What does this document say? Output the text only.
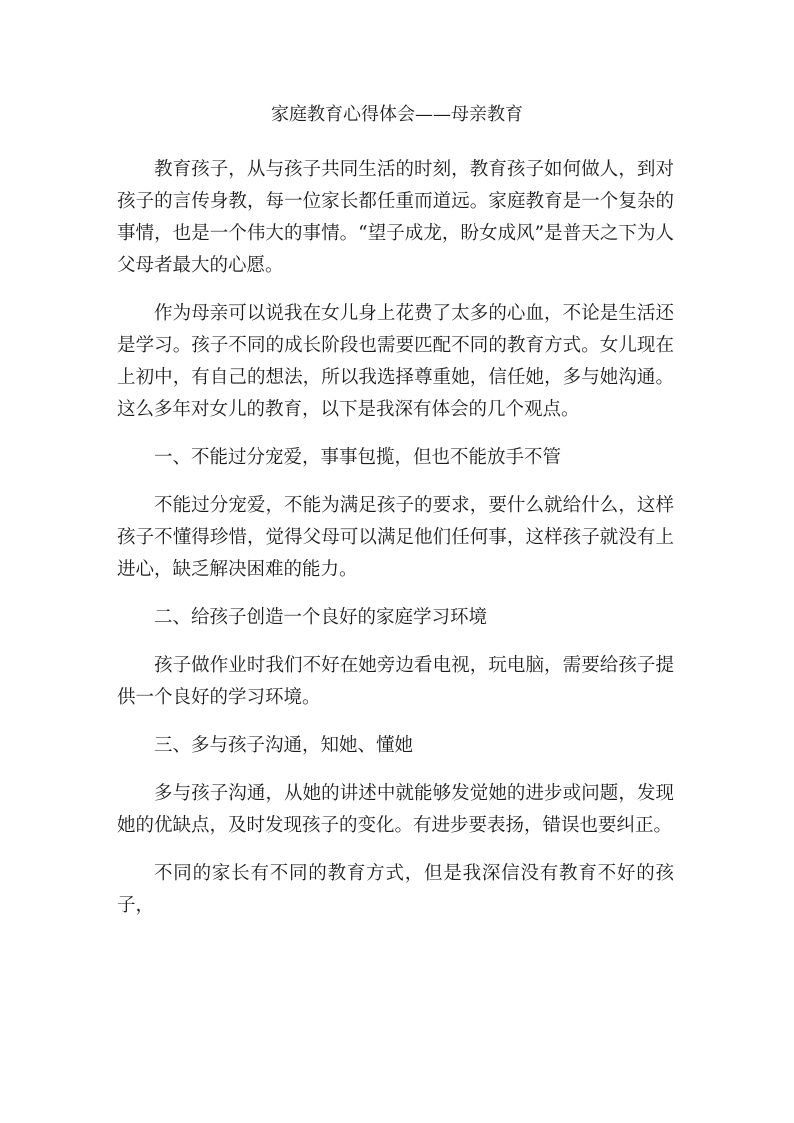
家庭教育心得体会——母亲教育

教育孩子，从与孩子共同生活的时刻，教育孩子如何做人，到对孩子的言传身教，每一位家长都任重而道远。家庭教育是一个复杂的事情，也是一个伟大的事情。“望子成龙，盼女成风”是普天之下为人父母者最大的心愿。

作为母亲可以说我在女儿身上花费了太多的心血，不论是生活还是学习。孩子不同的成长阶段也需要匹配不同的教育方式。女儿现在上初中，有自己的想法，所以我选择尊重她，信任她，多与她沟通。这么多年对女儿的教育，以下是我深有体会的几个观点。

一、不能过分宠爱，事事包揽，但也不能放手不管

不能过分宠爱，不能为满足孩子的要求，要什么就给什么，这样孩子不懂得珍惜，觉得父母可以满足他们任何事，这样孩子就没有上进心，缺乏解决困难的能力。

二、给孩子创造一个良好的家庭学习环境

孩子做作业时我们不好在她旁边看电视，玩电脑，需要给孩子提供一个良好的学习环境。

三、多与孩子沟通，知她、懂她

多与孩子沟通，从她的讲述中就能够发觉她的进步或问题，发现她的优缺点，及时发现孩子的变化。有进步要表扬，错误也要纠正。

不同的家长有不同的教育方式，但是我深信没有教育不好的孩子，
